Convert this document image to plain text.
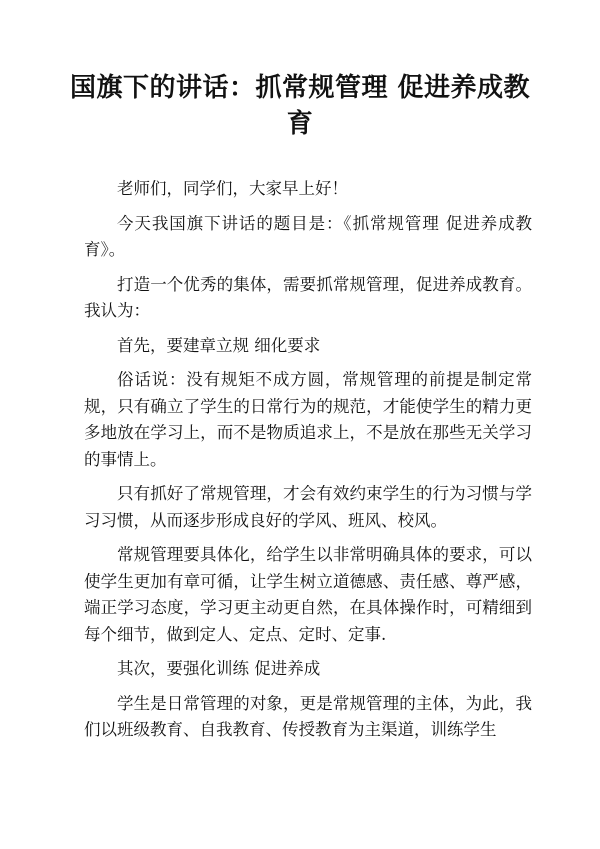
国旗下的讲话：抓常规管理 促进养成教育

老师们，同学们，大家早上好！

今天我国旗下讲话的题目是：《抓常规管理 促进养成教育》。

打造一个优秀的集体，需要抓常规管理，促进养成教育。我认为：

首先，要建章立规 细化要求

俗话说：没有规矩不成方圆，常规管理的前提是制定常规，只有确立了学生的日常行为的规范，才能使学生的精力更多地放在学习上，而不是物质追求上，不是放在那些无关学习的事情上。

只有抓好了常规管理，才会有效约束学生的行为习惯与学习习惯，从而逐步形成良好的学风、班风、校风。

常规管理要具体化，给学生以非常明确具体的要求，可以使学生更加有章可循，让学生树立道德感、责任感、尊严感，端正学习态度，学习更主动更自然，在具体操作时，可精细到每个细节，做到定人、定点、定时、定事.

其次，要强化训练 促进养成

学生是日常管理的对象，更是常规管理的主体，为此，我们以班级教育、自我教育、传授教育为主渠道，训练学生
